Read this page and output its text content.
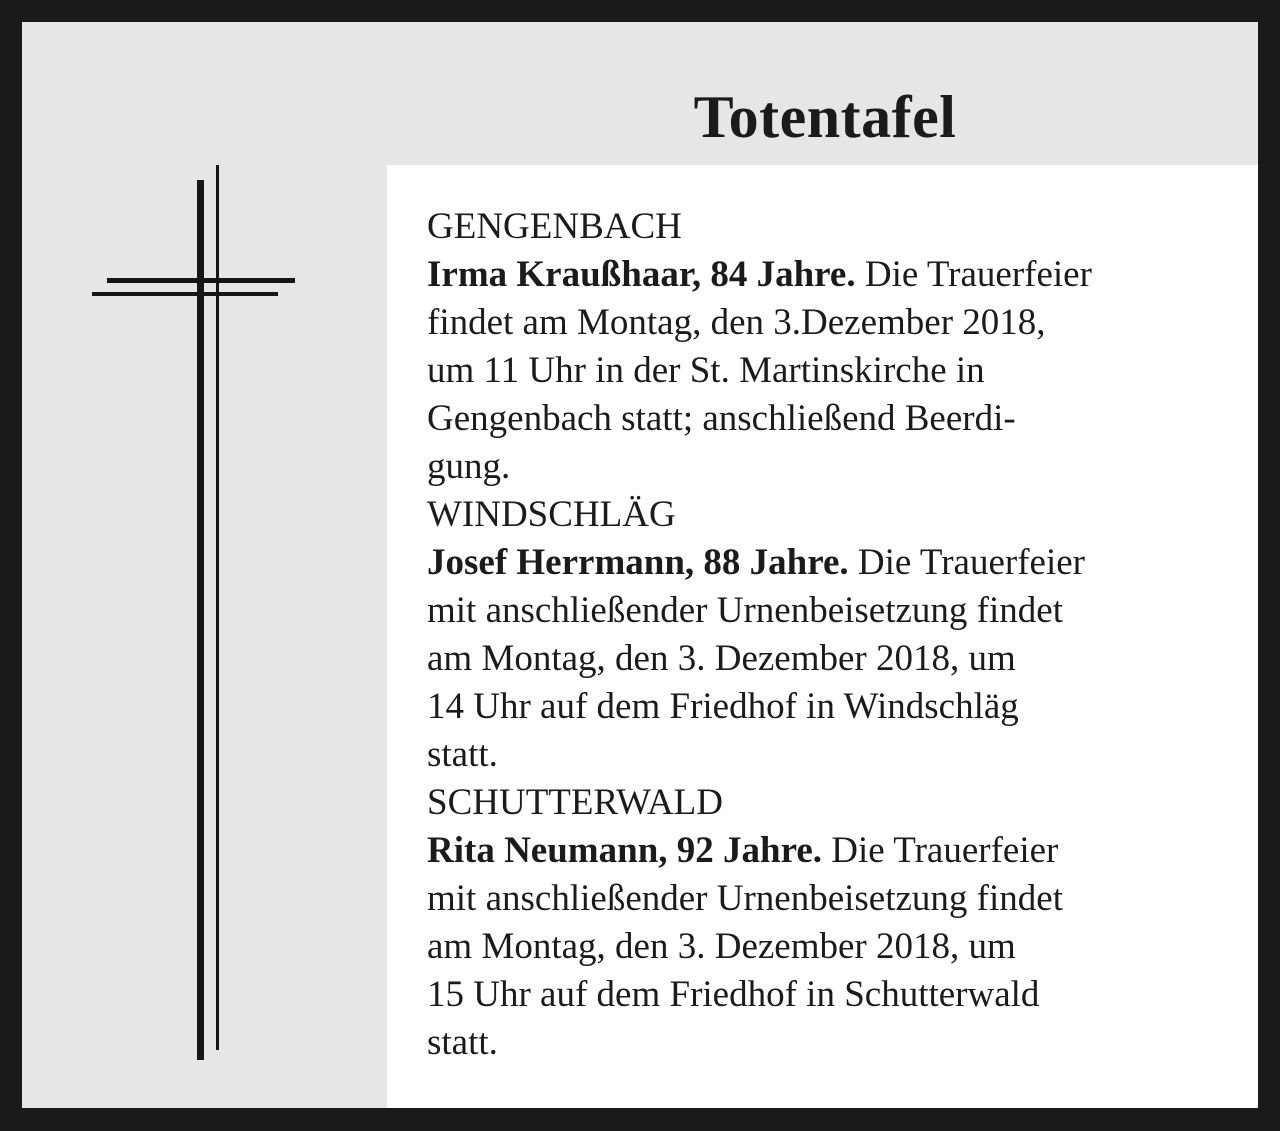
Totentafel
GENGENBACH
Irma Kraußhaar, 84 Jahre. Die Trauerfeier
findet am Montag, den 3.Dezember 2018,
um 11 Uhr in der St. Martinskirche in
Gengenbach statt; anschließend Beerdi-
gung.
WINDSCHLÄG
Josef Herrmann, 88 Jahre. Die Trauerfeier
mit anschließender Urnenbeisetzung findet
am Montag, den 3. Dezember 2018, um
14 Uhr auf dem Friedhof in Windschläg
statt.
SCHUTTERWALD
Rita Neumann, 92 Jahre. Die Trauerfeier
mit anschließender Urnenbeisetzung findet
am Montag, den 3. Dezember 2018, um
15 Uhr auf dem Friedhof in Schutterwald
statt.
